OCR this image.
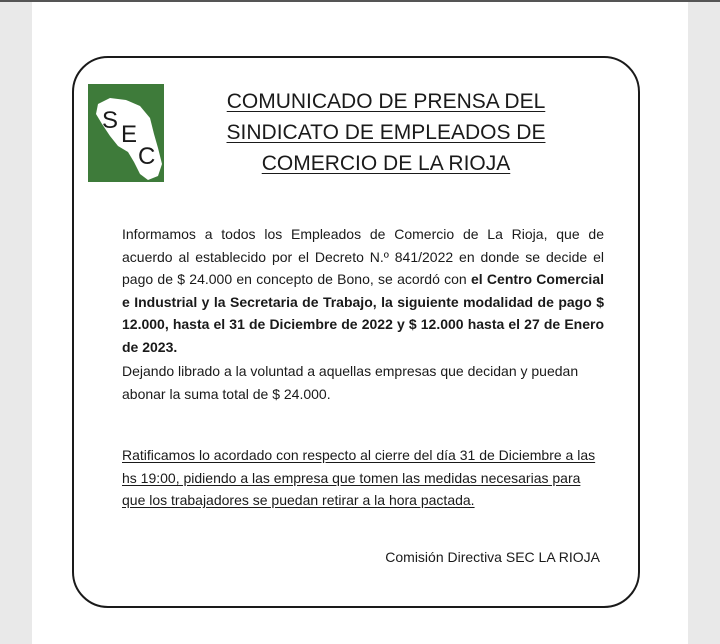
S
E
C
COMUNICADO DE PRENSA DEL
SINDICATO DE EMPLEADOS DE
COMERCIO DE LA RIOJA
Informamos a todos los Empleados de Comercio de La Rioja, que de acuerdo al establecido por el Decreto N.º 841/2022 en donde se decide el pago de $ 24.000 en concepto de Bono, se acordó con el Centro Comercial e Industrial y la Secretaria de Trabajo, la siguiente modalidad de pago $ 12.000, hasta el 31 de Diciembre de 2022 y $ 12.000 hasta el 27 de Enero de 2023.
Dejando librado a la voluntad a aquellas empresas que decidan y puedan abonar la suma total de $ 24.000.
Ratificamos lo acordado con respecto al cierre del día 31 de Diciembre a las hs 19:00, pidiendo a las empresa que tomen las medidas necesarias para que los trabajadores se puedan retirar a la hora pactada.
Comisión Directiva SEC LA RIOJA
